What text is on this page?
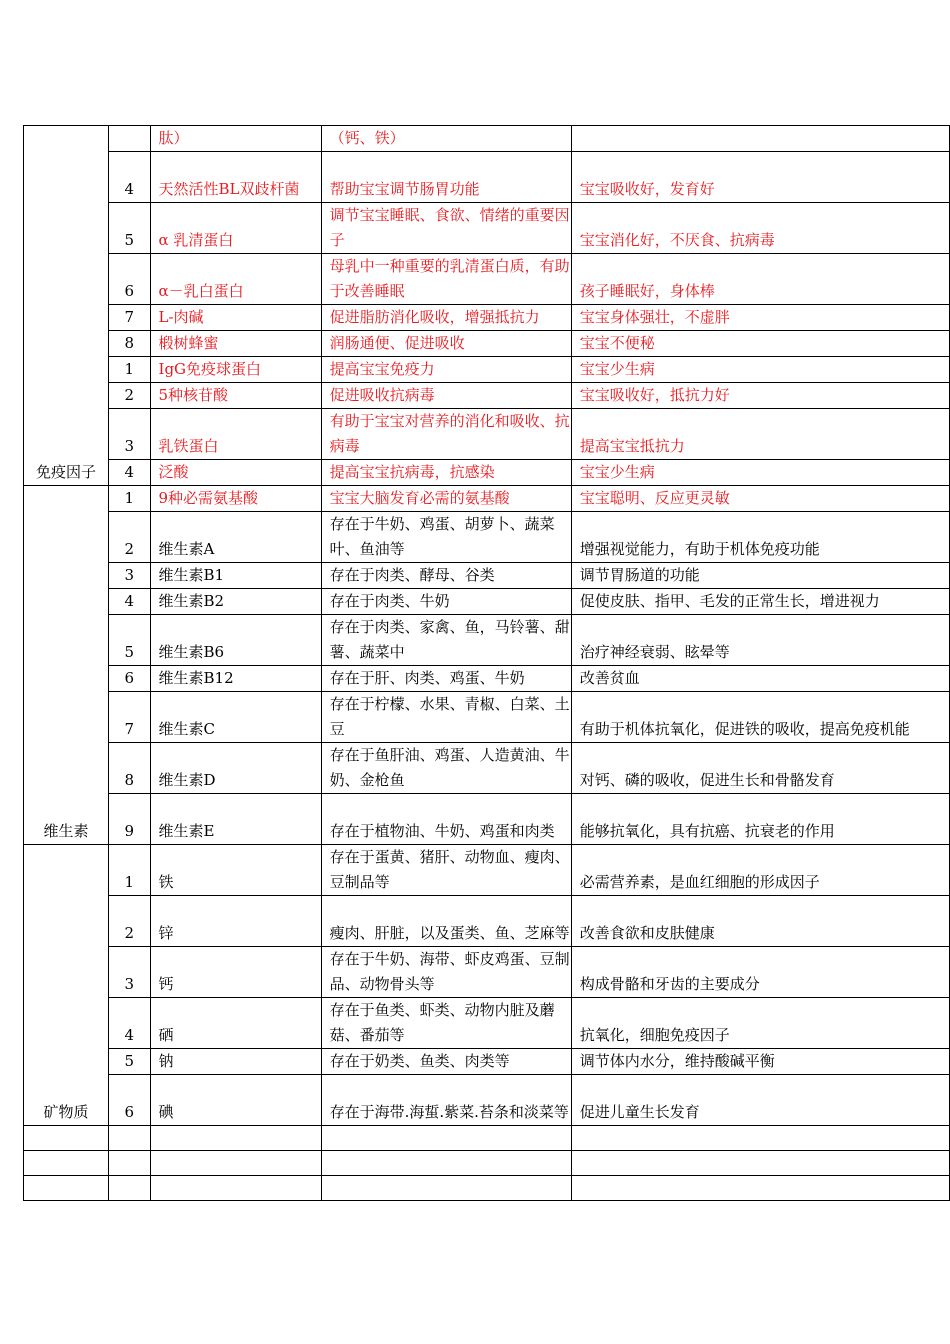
免疫因子		肽）	（钙、铁）	
	4	天然活性BL双歧杆菌	帮助宝宝调节肠胃功能	宝宝吸收好，发育好
	5	α 乳清蛋白	调节宝宝睡眠、食欲、情绪的重要因子	宝宝消化好，不厌食、抗病毒
	6	α－乳白蛋白	母乳中一种重要的乳清蛋白质，有助于改善睡眠	孩子睡眠好，身体棒
	7	L-肉碱	促进脂肪消化吸收，增强抵抗力	宝宝身体强壮，不虚胖
	8	椴树蜂蜜	润肠通便、促进吸收	宝宝不便秘
	1	IgG免疫球蛋白	提高宝宝免疫力	宝宝少生病
	2	5种核苷酸	促进吸收抗病毒	宝宝吸收好，抵抗力好
	3	乳铁蛋白	有助于宝宝对营养的消化和吸收、抗病毒	提高宝宝抵抗力
	4	泛酸	提高宝宝抗病毒，抗感染	宝宝少生病
维生素	1	9种必需氨基酸	宝宝大脑发育必需的氨基酸	宝宝聪明、反应更灵敏
	2	维生素A	存在于牛奶、鸡蛋、胡萝卜、蔬菜叶、鱼油等	增强视觉能力，有助于机体免疫功能
	3	维生素B1	存在于肉类、酵母、谷类	调节胃肠道的功能
	4	维生素B2	存在于肉类、牛奶	促使皮肤、指甲、毛发的正常生长，增进视力
	5	维生素B6	存在于肉类、家禽、鱼，马铃薯、甜薯、蔬菜中	治疗神经衰弱、眩晕等
	6	维生素B12	存在于肝、肉类、鸡蛋、牛奶	改善贫血
	7	维生素C	存在于柠檬、水果、青椒、白菜、土豆	有助于机体抗氧化，促进铁的吸收，提高免疫机能
	8	维生素D	存在于鱼肝油、鸡蛋、人造黄油、牛奶、金枪鱼	对钙、磷的吸收，促进生长和骨骼发育
	9	维生素E	存在于植物油、牛奶、鸡蛋和肉类	能够抗氧化，具有抗癌、抗衰老的作用
矿物质	1	铁	存在于蛋黄、猪肝、动物血、瘦肉、豆制品等	必需营养素，是血红细胞的形成因子
	2	锌	瘦肉、肝脏，以及蛋类、鱼、芝麻等	改善食欲和皮肤健康
	3	钙	存在于牛奶、海带、虾皮鸡蛋、豆制品、动物骨头等	构成骨骼和牙齿的主要成分
	4	硒	存在于鱼类、虾类、动物内脏及蘑菇、番茄等	抗氧化，细胞免疫因子
	5	钠	存在于奶类、鱼类、肉类等	调节体内水分，维持酸碱平衡
	6	碘	存在于海带.海蜇.紫菜.苔条和淡菜等	促进儿童生长发育
